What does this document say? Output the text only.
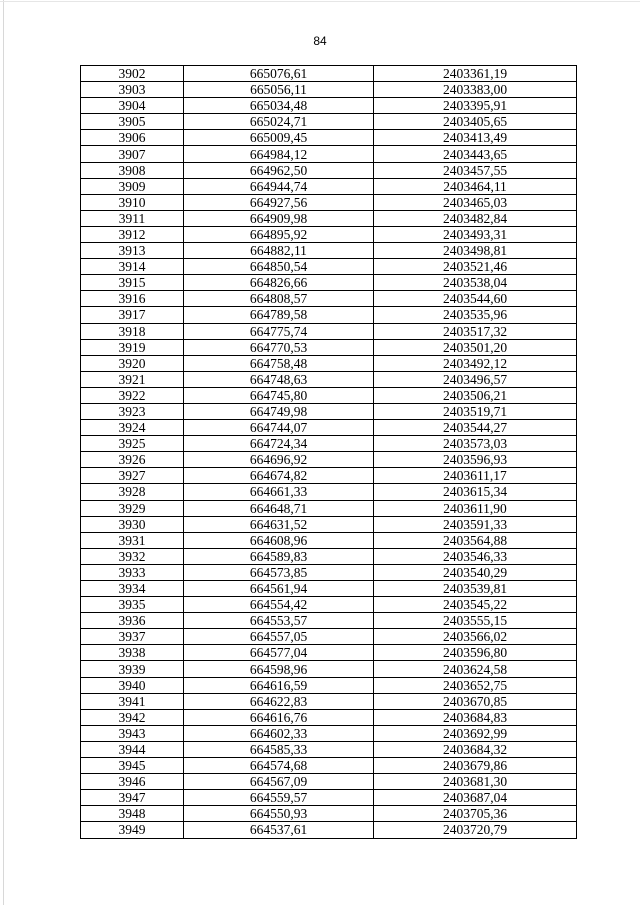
84
3902	665076,61	2403361,19
3903	665056,11	2403383,00
3904	665034,48	2403395,91
3905	665024,71	2403405,65
3906	665009,45	2403413,49
3907	664984,12	2403443,65
3908	664962,50	2403457,55
3909	664944,74	2403464,11
3910	664927,56	2403465,03
3911	664909,98	2403482,84
3912	664895,92	2403493,31
3913	664882,11	2403498,81
3914	664850,54	2403521,46
3915	664826,66	2403538,04
3916	664808,57	2403544,60
3917	664789,58	2403535,96
3918	664775,74	2403517,32
3919	664770,53	2403501,20
3920	664758,48	2403492,12
3921	664748,63	2403496,57
3922	664745,80	2403506,21
3923	664749,98	2403519,71
3924	664744,07	2403544,27
3925	664724,34	2403573,03
3926	664696,92	2403596,93
3927	664674,82	2403611,17
3928	664661,33	2403615,34
3929	664648,71	2403611,90
3930	664631,52	2403591,33
3931	664608,96	2403564,88
3932	664589,83	2403546,33
3933	664573,85	2403540,29
3934	664561,94	2403539,81
3935	664554,42	2403545,22
3936	664553,57	2403555,15
3937	664557,05	2403566,02
3938	664577,04	2403596,80
3939	664598,96	2403624,58
3940	664616,59	2403652,75
3941	664622,83	2403670,85
3942	664616,76	2403684,83
3943	664602,33	2403692,99
3944	664585,33	2403684,32
3945	664574,68	2403679,86
3946	664567,09	2403681,30
3947	664559,57	2403687,04
3948	664550,93	2403705,36
3949	664537,61	2403720,79
